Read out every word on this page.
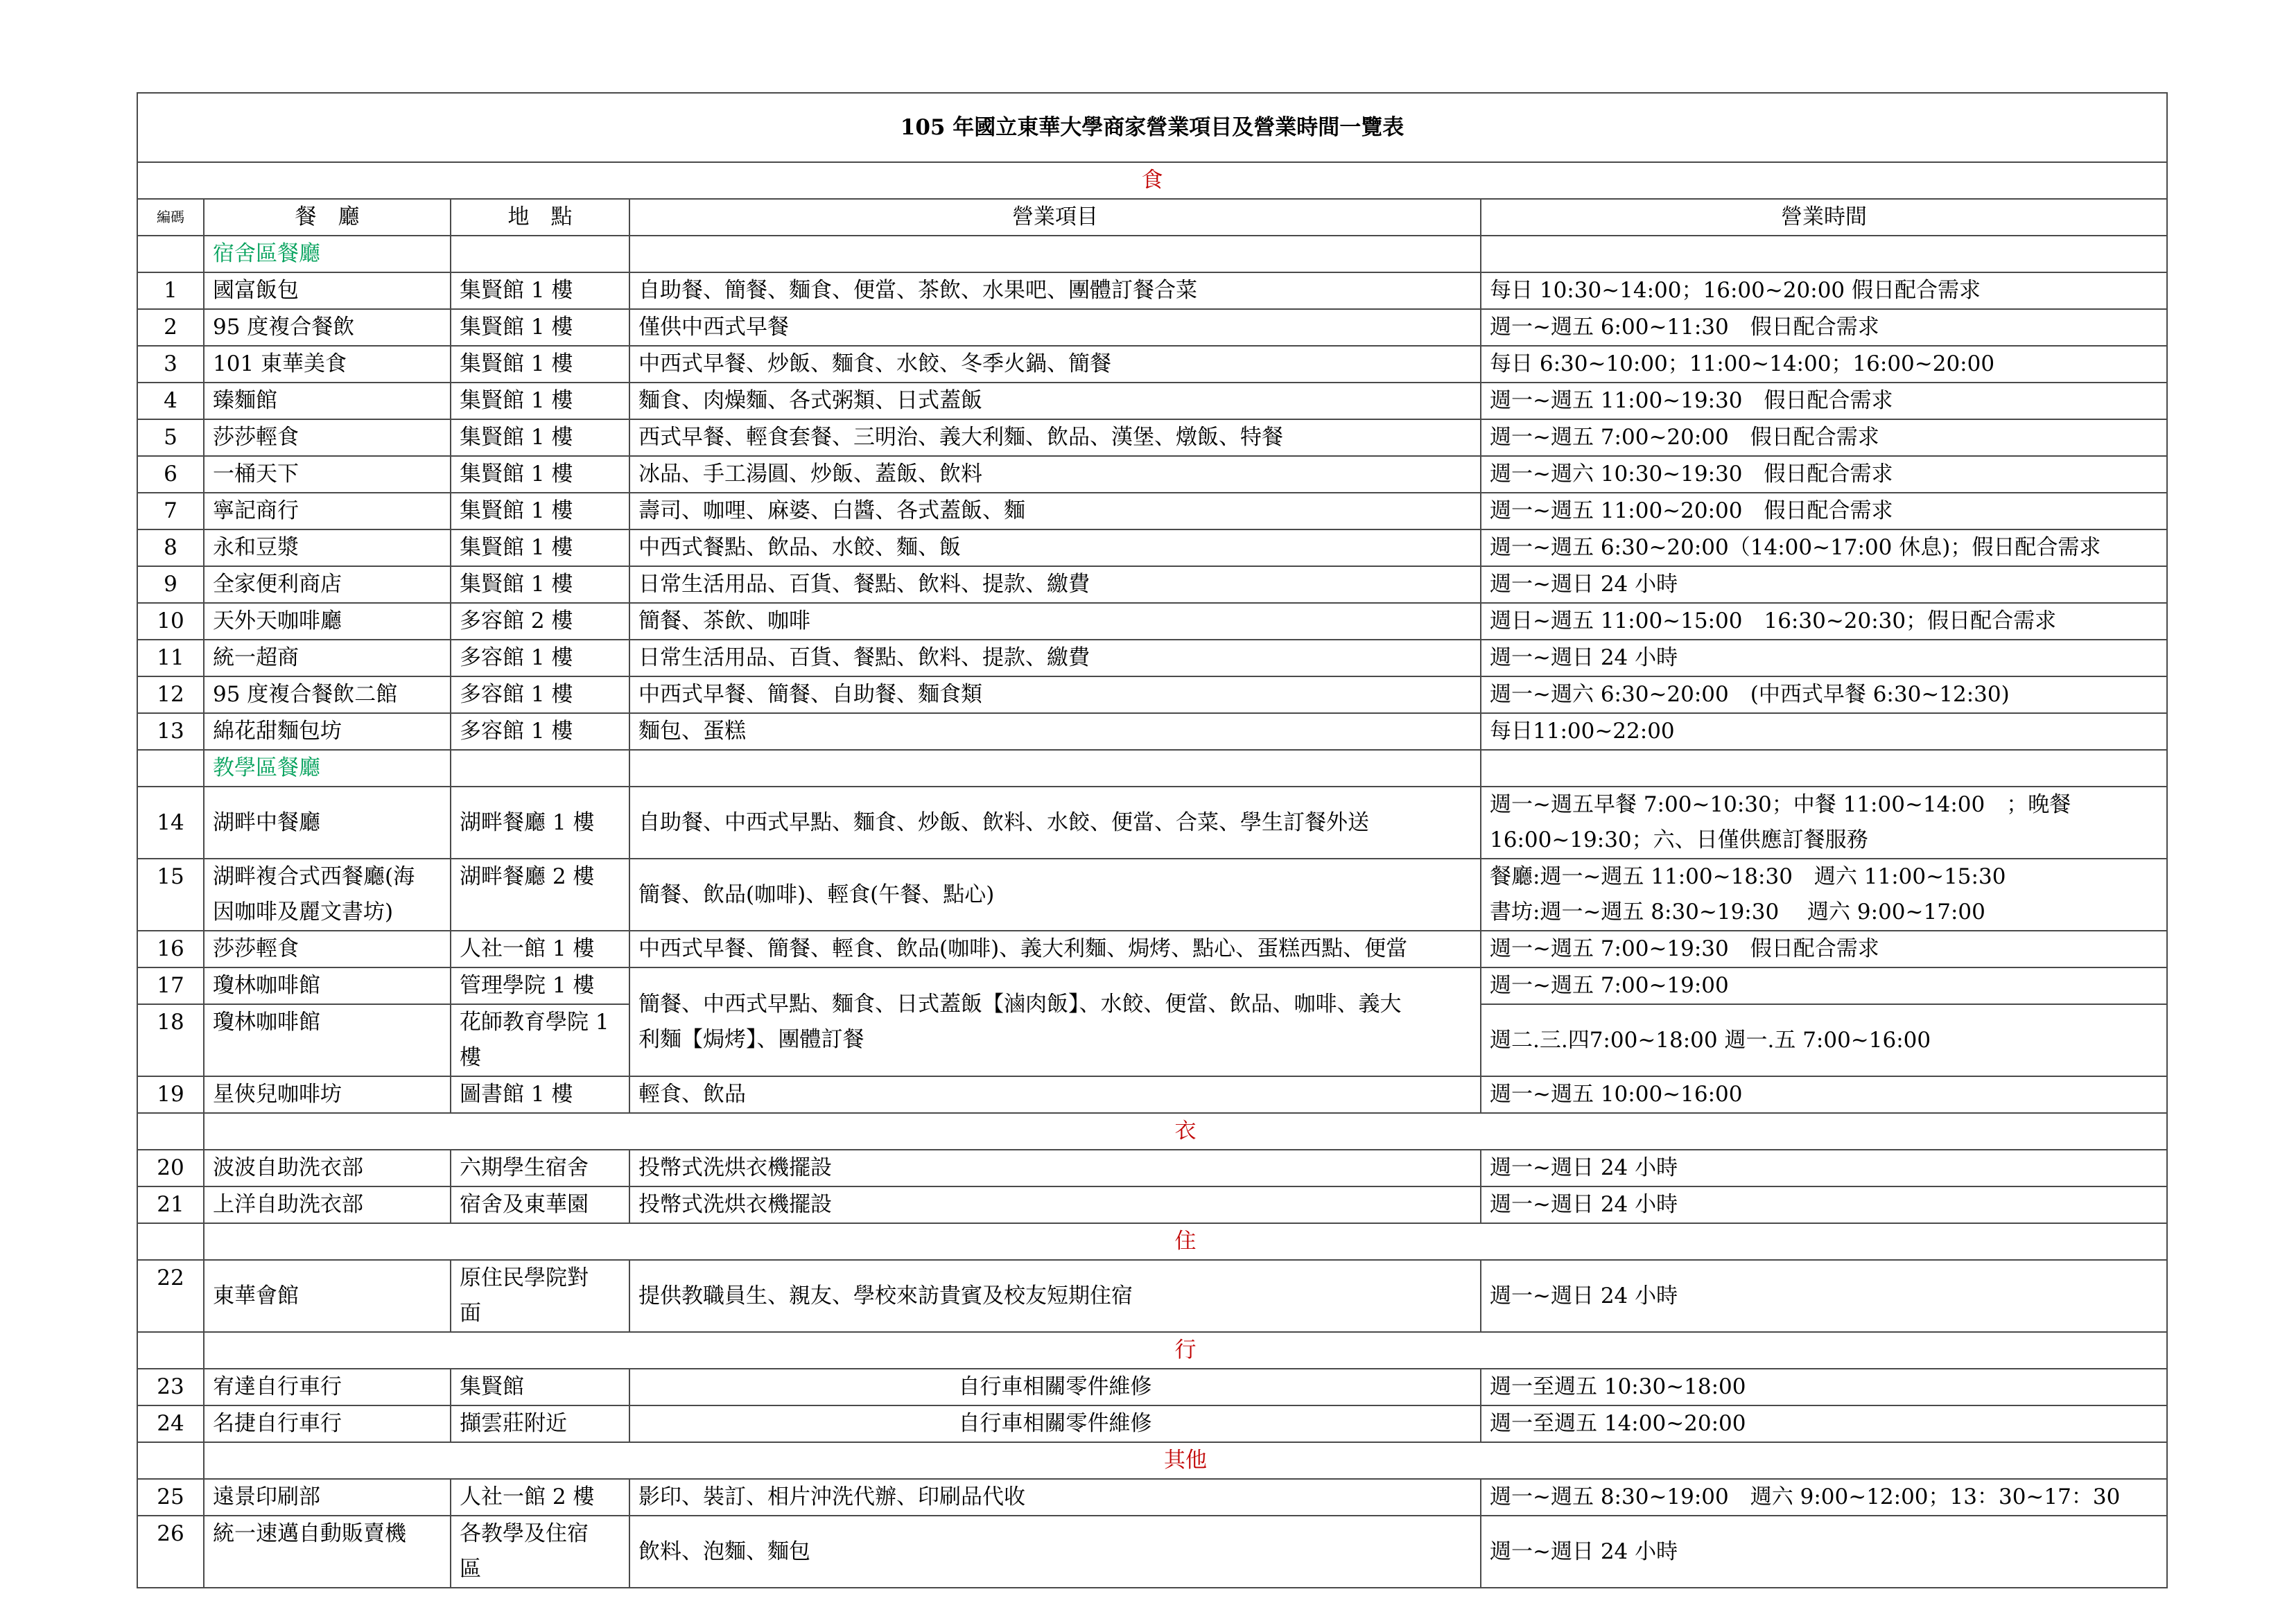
105 年國立東華大學商家營業項目及營業時間一覽表				
食				
編碼	餐　廳	地　點	營業項目	營業時間
	宿舍區餐廳			
1	國富飯包	集賢館 1 樓	自助餐、簡餐、麵食、便當、茶飲、水果吧、團體訂餐合菜	每日 10:30~14:00；16:00~20:00 假日配合需求
2	95 度複合餐飲	集賢館 1 樓	僅供中西式早餐	週一~週五 6:00~11:30　假日配合需求
3	101 東華美食	集賢館 1 樓	中西式早餐、炒飯、麵食、水餃、冬季火鍋、簡餐	每日 6:30~10:00；11:00~14:00；16:00~20:00
4	臻麵館	集賢館 1 樓	麵食、肉燥麵、各式粥類、日式蓋飯	週一~週五 11:00~19:30　假日配合需求
5	莎莎輕食	集賢館 1 樓	西式早餐、輕食套餐、三明治、義大利麵、飲品、漢堡、燉飯、特餐	週一~週五 7:00~20:00　假日配合需求
6	一桶天下	集賢館 1 樓	冰品、手工湯圓、炒飯、蓋飯、飲料	週一~週六 10:30~19:30　假日配合需求
7	寧記商行	集賢館 1 樓	壽司、咖哩、麻婆、白醬、各式蓋飯、麵	週一~週五 11:00~20:00　假日配合需求
8	永和豆漿	集賢館 1 樓	中西式餐點、飲品、水餃、麵、飯	週一~週五 6:30~20:00（14:00~17:00 休息)；假日配合需求
9	全家便利商店	集賢館 1 樓	日常生活用品、百貨、餐點、飲料、提款、繳費	週一~週日 24 小時
10	天外天咖啡廳	多容館 2 樓	簡餐、茶飲、咖啡	週日~週五 11:00~15:00　16:30~20:30；假日配合需求
11	統一超商	多容館 1 樓	日常生活用品、百貨、餐點、飲料、提款、繳費	週一~週日 24 小時
12	95 度複合餐飲二館	多容館 1 樓	中西式早餐、簡餐、自助餐、麵食類	週一~週六 6:30~20:00　(中西式早餐 6:30~12:30)
13	綿花甜麵包坊	多容館 1 樓	麵包、蛋糕	每日11:00~22:00
	教學區餐廳			
14	湖畔中餐廳	湖畔餐廳 1 樓	自助餐、中西式早點、麵食、炒飯、飲料、水餃、便當、合菜、學生訂餐外送	週一~週五早餐 7:00~10:30；中餐 11:00~14:00　；晚餐
16:00~19:30；六、日僅供應訂餐服務
15	湖畔複合式西餐廳(海
因咖啡及麗文書坊)	湖畔餐廳 2 樓	簡餐、飲品(咖啡)、輕食(午餐、點心)	餐廳:週一~週五 11:00~18:30　週六 11:00~15:30
書坊:週一~週五 8:30~19:30　 週六 9:00~17:00
16	莎莎輕食	人社一館 1 樓	中西式早餐、簡餐、輕食、飲品(咖啡)、義大利麵、焗烤、點心、蛋糕西點、便當	週一~週五 7:00~19:30　假日配合需求
17	瓊林咖啡館	管理學院 1 樓	簡餐、中西式早點、麵食、日式蓋飯【滷肉飯】、水餃、便當、飲品、咖啡、義大
利麵【焗烤】、團體訂餐	週一~週五 7:00~19:00
18	瓊林咖啡館	花師教育學院 1
樓		週二.三.四7:00~18:00 週一.五 7:00~16:00
19	星俠兒咖啡坊	圖書館 1 樓	輕食、飲品	週一~週五 10:00~16:00
	衣			
20	波波自助洗衣部	六期學生宿舍	投幣式洗烘衣機擺設	週一~週日 24 小時
21	上洋自助洗衣部	宿舍及東華園	投幣式洗烘衣機擺設	週一~週日 24 小時
	住			
22	東華會館	原住民學院對
面	提供教職員生、親友、學校來訪貴賓及校友短期住宿	週一~週日 24 小時
	行			
23	宥達自行車行	集賢館	自行車相關零件維修	週一至週五 10:30~18:00
24	名捷自行車行	擷雲莊附近	自行車相關零件維修	週一至週五 14:00~20:00
	其他			
25	遠景印刷部	人社一館 2 樓	影印、裝訂、相片沖洗代辦、印刷品代收	週一~週五 8:30~19:00　週六 9:00~12:00；13：30~17：30
26	統一速邁自動販賣機	各教學及住宿
區	飲料、泡麵、麵包	週一~週日 24 小時
